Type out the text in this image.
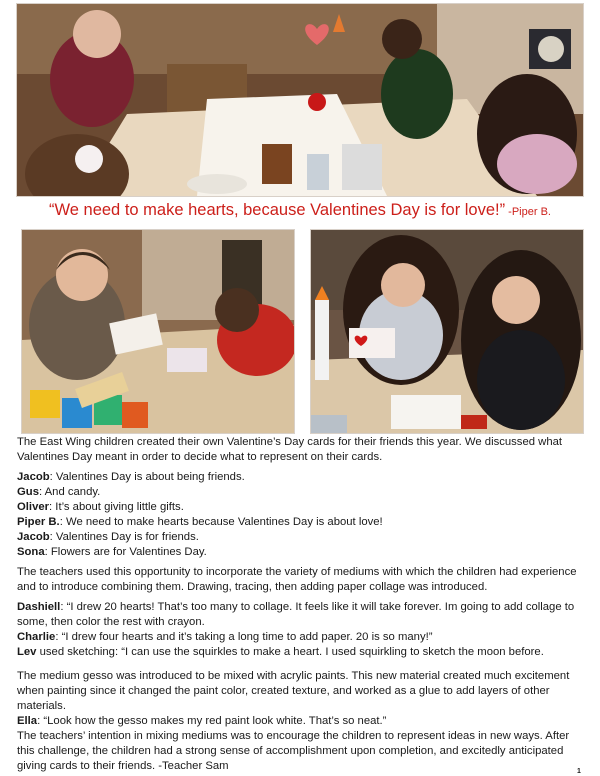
“We need to make hearts, because Valentines Day is for love!” -Piper B.

The East Wing children created their own Valentine’s Day cards for their friends this year. We discussed what Valentines Day meant in order to decide what to represent on their cards.

Jacob: Valentines Day is about being friends.

Gus: And candy.

Oliver: It’s about giving little gifts.

Piper B.: We need to make hearts because Valentines Day is about love!

Jacob: Valentines Day is for friends.

Sona: Flowers are for Valentines Day.

The teachers used this opportunity to incorporate the variety of mediums with which the children had experience and to introduce combining them. Drawing, tracing, then adding paper collage was introduced.

Dashiell: “I drew 20 hearts! That’s too many to collage. It feels like it will take forever. Im going to add collage to some, then color the rest with crayon.

Charlie: “I drew four hearts and it’s taking a long time to add paper. 20 is so many!”

Lev used sketching: “I can use the squirkles to make a heart. I used squirkling to sketch the moon before.

The medium gesso was introduced to be mixed with acrylic paints. This new material created much excitement when painting since it changed the paint color, created texture, and worked as a glue to add layers of other materials.

Ella: “Look how the gesso makes my red paint look white. That’s so neat.”

The teachers’ intention in mixing mediums was to encourage the children to represent ideas in new ways. After this challenge, the children had a strong sense of accomplishment upon completion, and excitedly anticipated giving cards to their friends. -Teacher Sam	1
